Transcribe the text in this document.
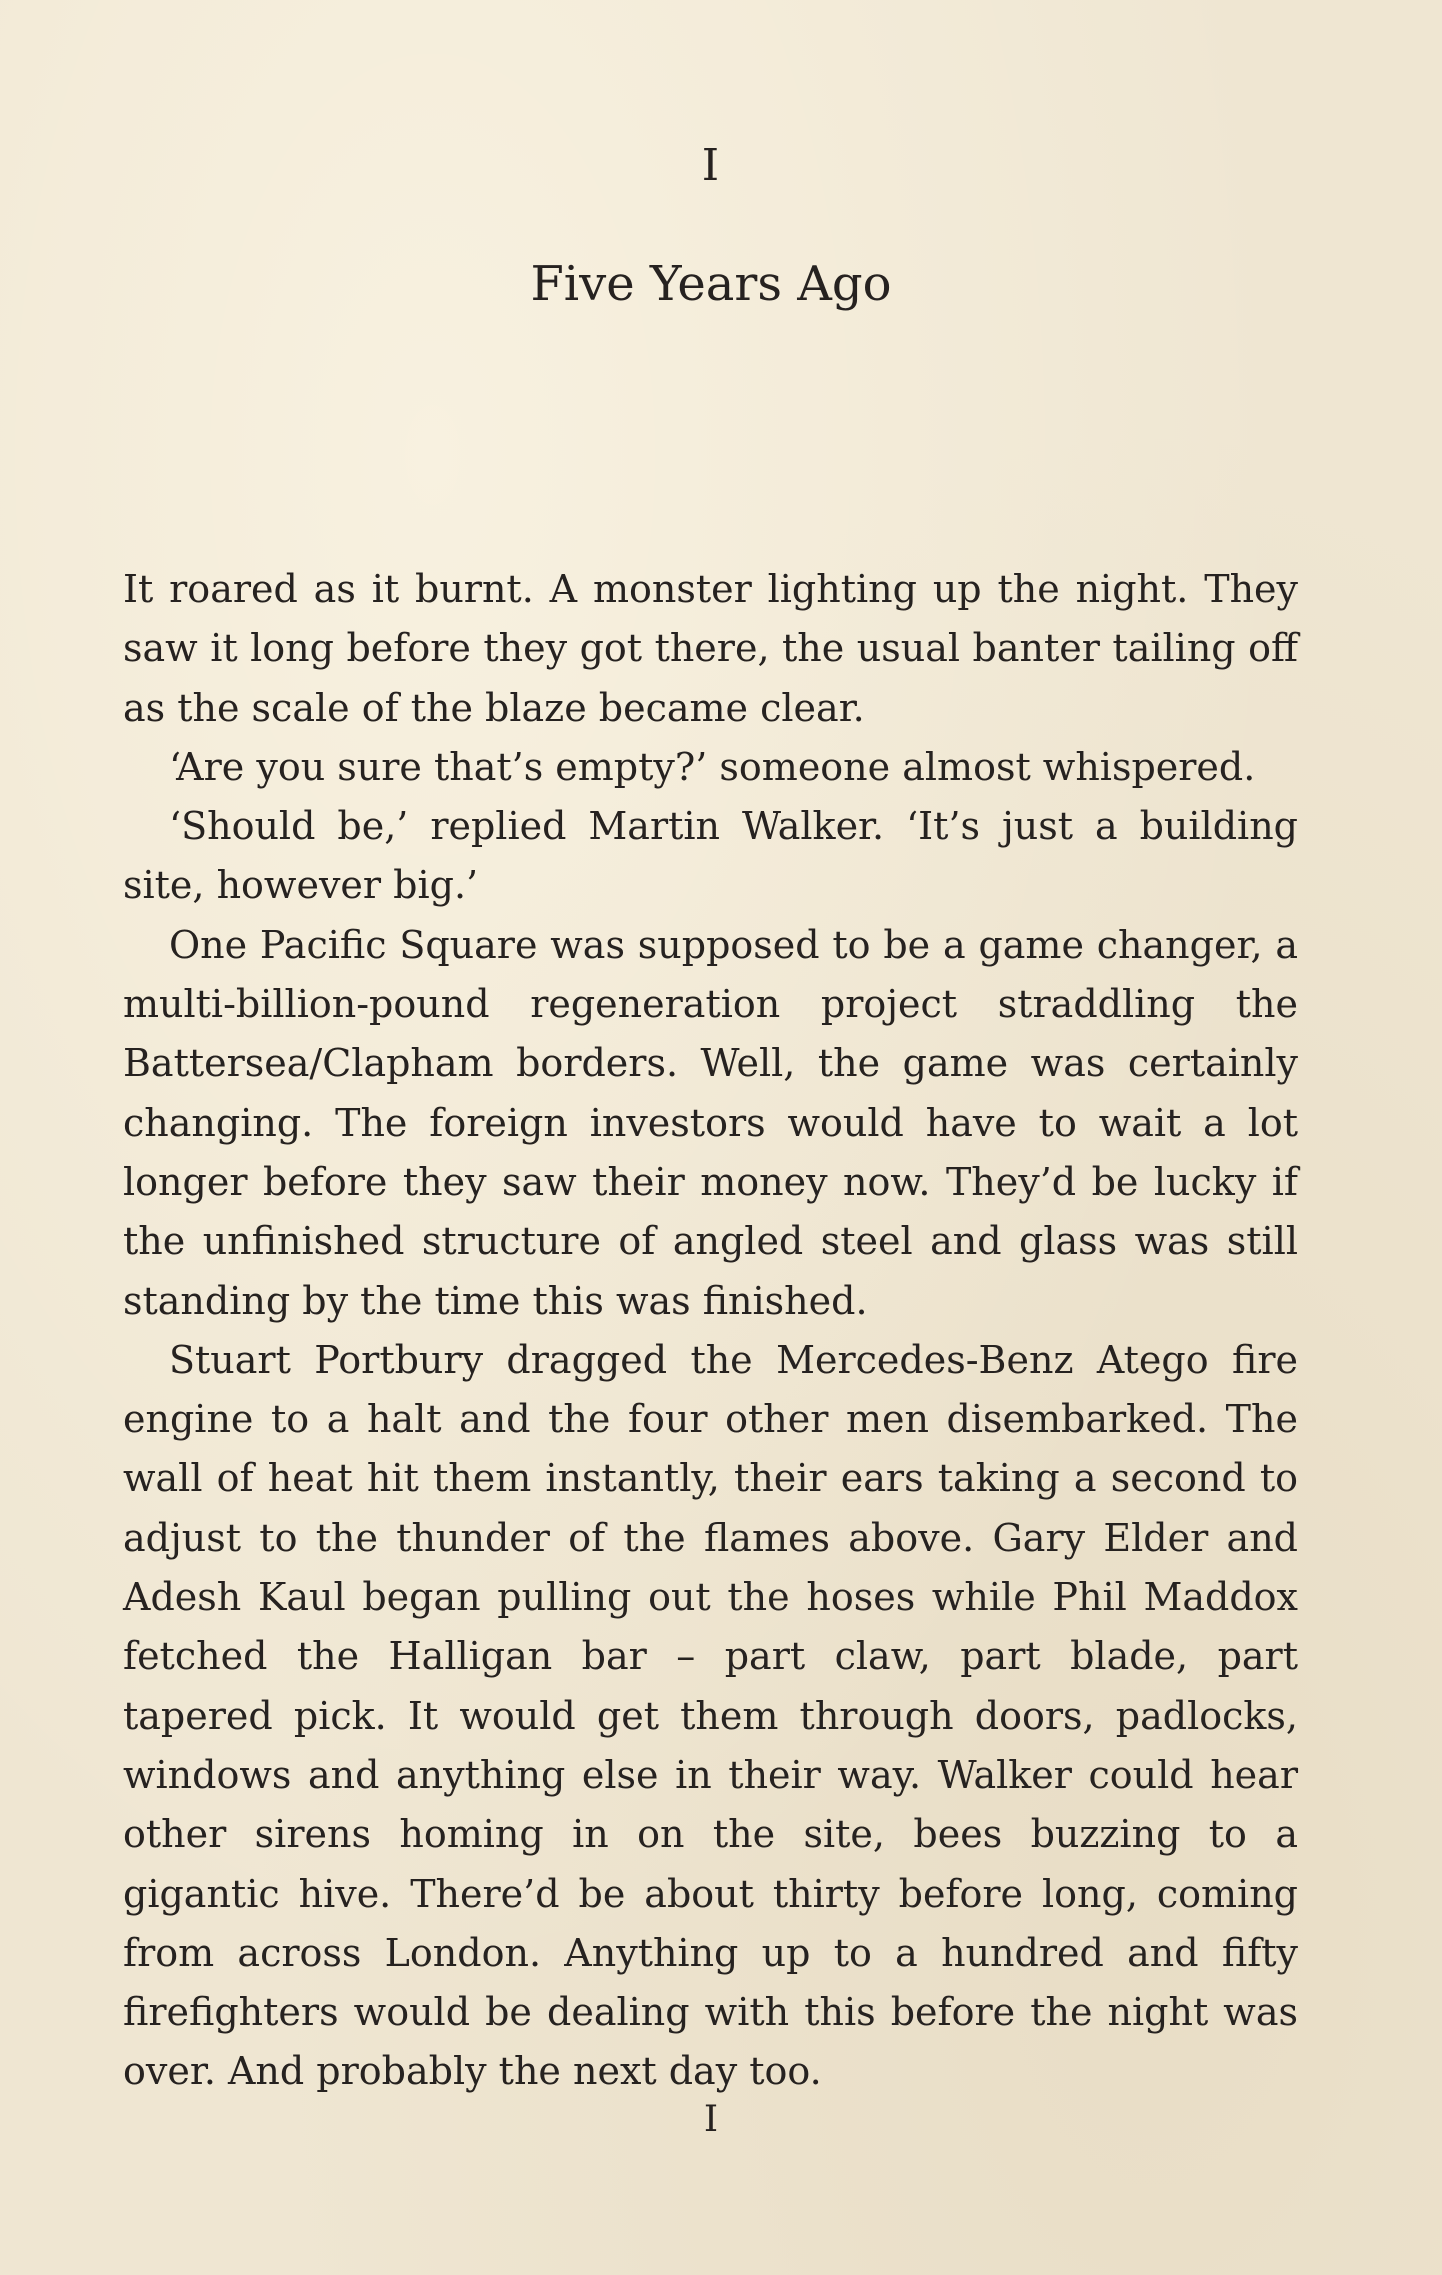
I
Five Years Ago

It roared as it burnt. A monster lighting up the night. They saw it long before they got there, the usual banter tailing off as the scale of the blaze became clear.

‘Are you sure that’s empty?’ someone almost whispered.

‘Should be,’ replied Martin Walker. ‘It’s just a building site, however big.’

One Pacific Square was supposed to be a game changer, a multi-billion-pound regeneration project straddling the Battersea/Clapham borders. Well, the game was certainly changing. The foreign investors would have to wait a lot longer before they saw their money now. They’d be lucky if the unfinished structure of angled steel and glass was still standing by the time this was finished.

Stuart Portbury dragged the Mercedes-Benz Atego fire engine to a halt and the four other men disembarked. The wall of heat hit them instantly, their ears taking a second to adjust to the thunder of the flames above. Gary Elder and Adesh Kaul began pulling out the hoses while Phil Maddox fetched the Halligan bar – part claw, part blade, part tapered pick. It would get them through doors, padlocks, windows and anything else in their way. Walker could hear other sirens homing in on the site, bees buzzing to a gigantic hive. There’d be about thirty before long, coming from across London. Anything up to a hundred and fifty firefighters would be dealing with this before the night was over. And probably the next day too.

I
